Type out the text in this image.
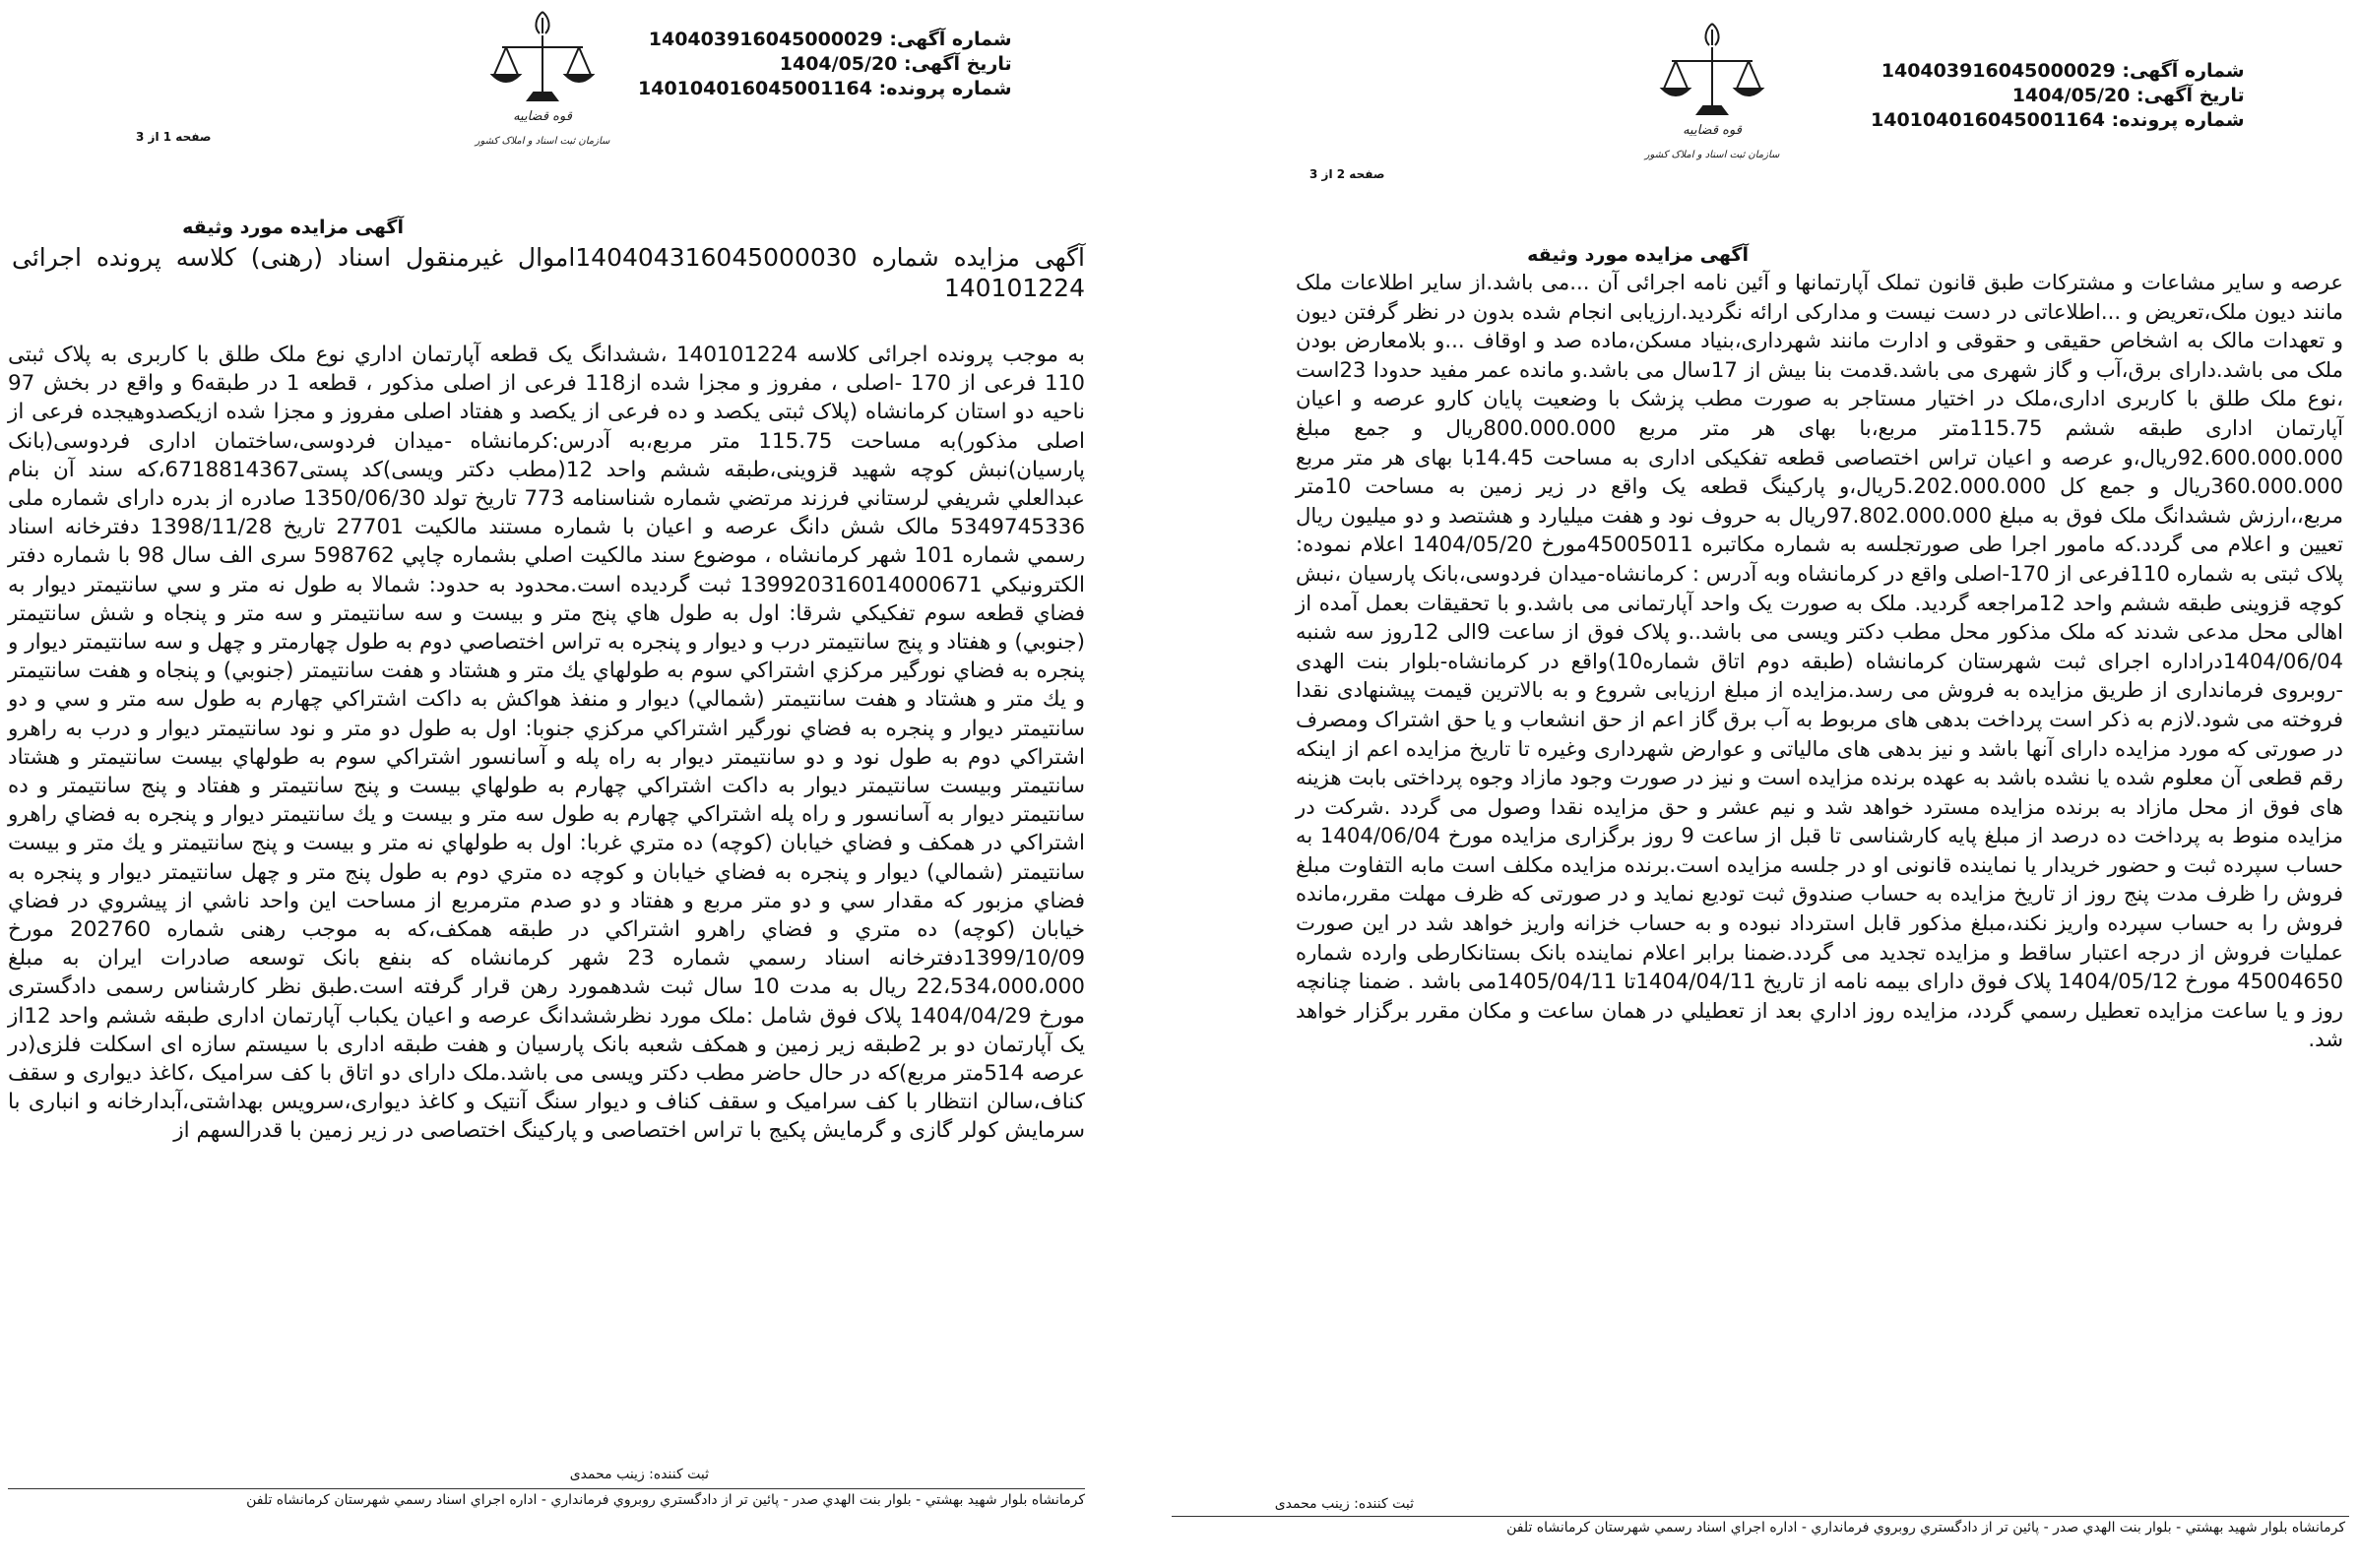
شماره آگهی: 140403916045000029
تاریخ آگهی: 1404/05/20
شماره پرونده: 140104016045001164
قوه قضاییه
سازمان ثبت اسناد و املاک کشور
صفحه 1 از 3
آگهی مزایده مورد وثیقه
آگهی مزایده شماره 140404316045000030اموال غیرمنقول اسناد (رهنی) کلاسه پرونده اجرائی 140101224
به موجب پرونده اجرائی کلاسه 140101224 ،ششدانگ یک قطعه آپارتمان اداري نوع ملک طلق با کاربری به پلاک ثبتی 110 فرعی از 170 -اصلی ، مفروز و مجزا شده از118 فرعی از اصلی مذکور ، قطعه 1 در طبقه6 و واقع در بخش 97 ناحیه دو استان کرمانشاه (پلاک ثبتی یکصد و ده فرعی از یکصد و هفتاد اصلی مفروز و مجزا شده ازیکصدوهیجده فرعی از اصلی مذکور)به مساحت 115.75 متر مربع،به آدرس:کرمانشاه -میدان فردوسی،ساختمان اداری فردوسی(بانک پارسیان)نبش کوچه شهید قزوینی،طبقه ششم واحد 12(مطب دکتر ویسی)کد پستی6718814367،که سند آن بنام عبدالعلي شريفي لرستاني فرزند مرتضي شماره شناسنامه 773 تاريخ تولد 1350/06/30 صادره از بدره دارای شماره ملی 5349745336 مالک شش دانگ عرصه و اعیان با شماره مستند مالکیت 27701 تاریخ 1398/11/28 دفترخانه اسناد رسمي شماره 101 شهر كرمانشاه ، موضوع سند مالكيت اصلي بشماره چاپي 598762 سری الف سال 98 با شماره دفتر الكترونيكي 139920316014000671 ثبت گرديده است.محدود به حدود: شمالا به طول نه متر و سي سانتيمتر ديوار به فضاي قطعه سوم تفكيكي شرقا: اول به طول هاي پنج متر و بيست و سه سانتيمتر و سه متر و پنجاه و شش سانتيمتر (جنوبي) و هفتاد و پنج سانتيمتر درب و ديوار و پنجره به تراس اختصاصي دوم به طول چهارمتر و چهل و سه سانتيمتر ديوار و پنجره به فضاي نورگير مركزي اشتراكي سوم به طولهاي يك متر و هشتاد و هفت سانتيمتر (جنوبي) و پنجاه و هفت سانتيمتر و يك متر و هشتاد و هفت سانتيمتر (شمالي) ديوار و منفذ هواكش به داكت اشتراكي چهارم به طول سه متر و سي و دو سانتيمتر ديوار و پنجره به فضاي نورگير اشتراكي مركزي جنوبا: اول به طول دو متر و نود سانتيمتر ديوار و درب به راهرو اشتراكي دوم به طول نود و دو سانتيمتر ديوار به راه پله و آسانسور اشتراكي سوم به طولهاي بيست سانتيمتر و هشتاد سانتيمتر وبيست سانتيمتر ديوار به داكت اشتراكي چهارم به طولهاي بيست و پنج سانتيمتر و هفتاد و پنج سانتيمتر و ده سانتيمتر ديوار به آسانسور و راه پله اشتراكي چهارم به طول سه متر و بيست و يك سانتيمتر ديوار و پنجره به فضاي راهرو اشتراكي در همكف و فضاي خيابان (كوچه) ده متري غربا: اول به طولهاي نه متر و بيست و پنج سانتيمتر و يك متر و بيست سانتيمتر (شمالي) ديوار و پنجره به فضاي خيابان و كوچه ده متري دوم به طول پنج متر و چهل سانتيمتر ديوار و پنجره به فضاي مزبور كه مقدار سي و دو متر مربع و هفتاد و دو صدم مترمربع از مساحت اين واحد ناشي از پيشروي در فضاي خيابان (كوچه) ده متري و فضاي راهرو اشتراكي در طبقه همكف،که به موجب رهنی شماره 202760 مورخ 1399/10/09دفترخانه اسناد رسمي شماره 23 شهر كرمانشاه كه بنفع بانک توسعه صادرات ایران به مبلغ 22،534،000،000 ریال به مدت 10 سال ثبت شدهمورد رهن قرار گرفته است.طبق نظر کارشناس رسمی دادگستری مورخ 1404/04/29 پلاک فوق شامل :ملک مورد نظرششدانگ عرصه و اعیان یکباب آپارتمان اداری طبقه ششم واحد 12از یک آپارتمان دو بر 2طبقه زیر زمین و همکف شعبه بانک پارسیان و هفت طبقه اداری با سیستم سازه ای اسکلت فلزی(در عرصه 514متر مربع)که در حال حاضر مطب دکتر ویسی می باشد.ملک دارای دو اتاق با کف سرامیک ،کاغذ دیواری و سقف کناف،سالن انتظار با کف سرامیک و سقف کناف و دیوار سنگ آنتیک و کاغذ دیواری،سرویس بهداشتی،آبدارخانه و انباری با سرمایش کولر گازی و گرمایش پکیج با تراس اختصاصی و پارکینگ اختصاصی در زیر زمین با قدرالسهم از
ثبت کننده: زینب محمدی
کرمانشاه بلوار شهيد بهشتي - بلوار بنت الهدي صدر - پائين تر از دادگستري روبروي فرمانداري - اداره اجراي اسناد رسمي شهرستان كرمانشاه تلفن
شماره آگهی: 140403916045000029
تاریخ آگهی: 1404/05/20
شماره پرونده: 140104016045001164
قوه قضاییه
سازمان ثبت اسناد و املاک کشور
صفحه 2 از 3
آگهی مزایده مورد وثیقه
عرصه و سایر مشاعات و مشترکات طبق قانون تملک آپارتمانها و آئین نامه اجرائی آن ...می باشد.از سایر اطلاعات ملک مانند دیون ملک،تعریض و ...اطلاعاتی در دست نیست و مدارکی ارائه نگردید.ارزیابی انجام شده بدون در نظر گرفتن دیون و تعهدات مالک به اشخاص حقیقی و حقوقی و ادارت مانند شهرداری،بنیاد مسکن،ماده صد و اوقاف ...و بلامعارض بودن ملک می باشد.دارای برق،آب و گاز شهری می باشد.قدمت بنا بیش از 17سال می باشد.و مانده عمر مفید حدودا 23است ،نوع ملک طلق با کاربری اداری،ملک در اختیار مستاجر به صورت مطب پزشک با وضعیت پایان کارو عرصه و اعیان آپارتمان اداری طبقه ششم 115.75متر مربع،با بهای هر متر مربع 800.000.000ریال و جمع مبلغ 92.600.000.000ریال،و عرصه و اعیان تراس اختصاصی قطعه تفکیکی اداری به مساحت 14.45با بهای هر متر مربع 360.000.000ریال و جمع کل 5.202.000.000ریال،و پارکینگ قطعه یک واقع در زیر زمین به مساحت 10متر مربع،،ارزش ششدانگ ملک فوق به مبلغ 97.802.000.000ریال به حروف نود و هفت میلیارد و هشتصد و دو میلیون ریال تعیین و اعلام می گردد.که مامور اجرا طی صورتجلسه به شماره مکاتبره 45005011مورخ 1404/05/20 اعلام نموده: پلاک ثبتی به شماره 110فرعی از 170-اصلی واقع در کرمانشاه وبه آدرس : کرمانشاه-میدان فردوسی،بانک پارسیان ،نبش کوچه قزوینی طبقه ششم واحد 12مراجعه گردید. ملک به صورت یک واحد آپارتمانی می باشد.و با تحقیقات بعمل آمده از اهالی محل مدعی شدند که ملک مذکور محل مطب دکتر ویسی می باشد..و پلاک فوق از ساعت 9الی 12روز سه شنبه 1404/06/04دراداره اجرای ثبت شهرستان کرمانشاه (طبقه دوم اتاق شماره10)واقع در کرمانشاه-بلوار بنت الهدی -روبروی فرمانداری از طریق مزایده به فروش می رسد.مزایده از مبلغ ارزیابی شروع و به بالاترین قیمت پیشنهادی نقدا فروخته می شود.لازم به ذکر است پرداخت بدهی های مربوط به آب برق گاز اعم از حق انشعاب و یا حق اشتراک ومصرف در صورتی که مورد مزایده دارای آنها باشد و نیز بدهی های مالیاتی و عوارض شهرداری وغیره تا تاریخ مزایده اعم از اینکه رقم قطعی آن معلوم شده یا نشده باشد به عهده برنده مزایده است و نیز در صورت وجود مازاد وجوه پرداختی بابت هزینه های فوق از محل مازاد به برنده مزایده مسترد خواهد شد و نیم عشر و حق مزایده نقدا وصول می گردد .شرکت در مزایده منوط به پرداخت ده درصد از مبلغ پایه کارشناسی تا قبل از ساعت 9 روز برگزاری مزایده مورخ 1404/06/04 به حساب سپرده ثبت و حضور خریدار یا نماینده قانونی او در جلسه مزایده است.برنده مزایده مکلف است مابه التفاوت مبلغ فروش را ظرف مدت پنج روز از تاریخ مزایده به حساب صندوق ثبت تودیع نماید و در صورتی که ظرف مهلت مقرر،مانده فروش را به حساب سپرده واریز نکند،مبلغ مذکور قابل استرداد نبوده و به حساب خزانه واریز خواهد شد در این صورت عملیات فروش از درجه اعتبار ساقط و مزایده تجدید می گردد.ضمنا برابر اعلام نماینده بانک بستانکارطی وارده شماره 45004650 مورخ 1404/05/12 پلاک فوق دارای بیمه نامه از تاریخ 1404/04/11تا 1405/04/11می باشد . ضمنا چنانچه روز و یا ساعت مزایده تعطیل رسمي گردد، مزایده روز اداري بعد از تعطيلي در همان ساعت و مكان مقرر برگزار خواهد شد.
ثبت کننده: زینب محمدی
کرمانشاه بلوار شهيد بهشتي - بلوار بنت الهدي صدر - پائين تر از دادگستري روبروي فرمانداري - اداره اجراي اسناد رسمي شهرستان كرمانشاه تلفن
